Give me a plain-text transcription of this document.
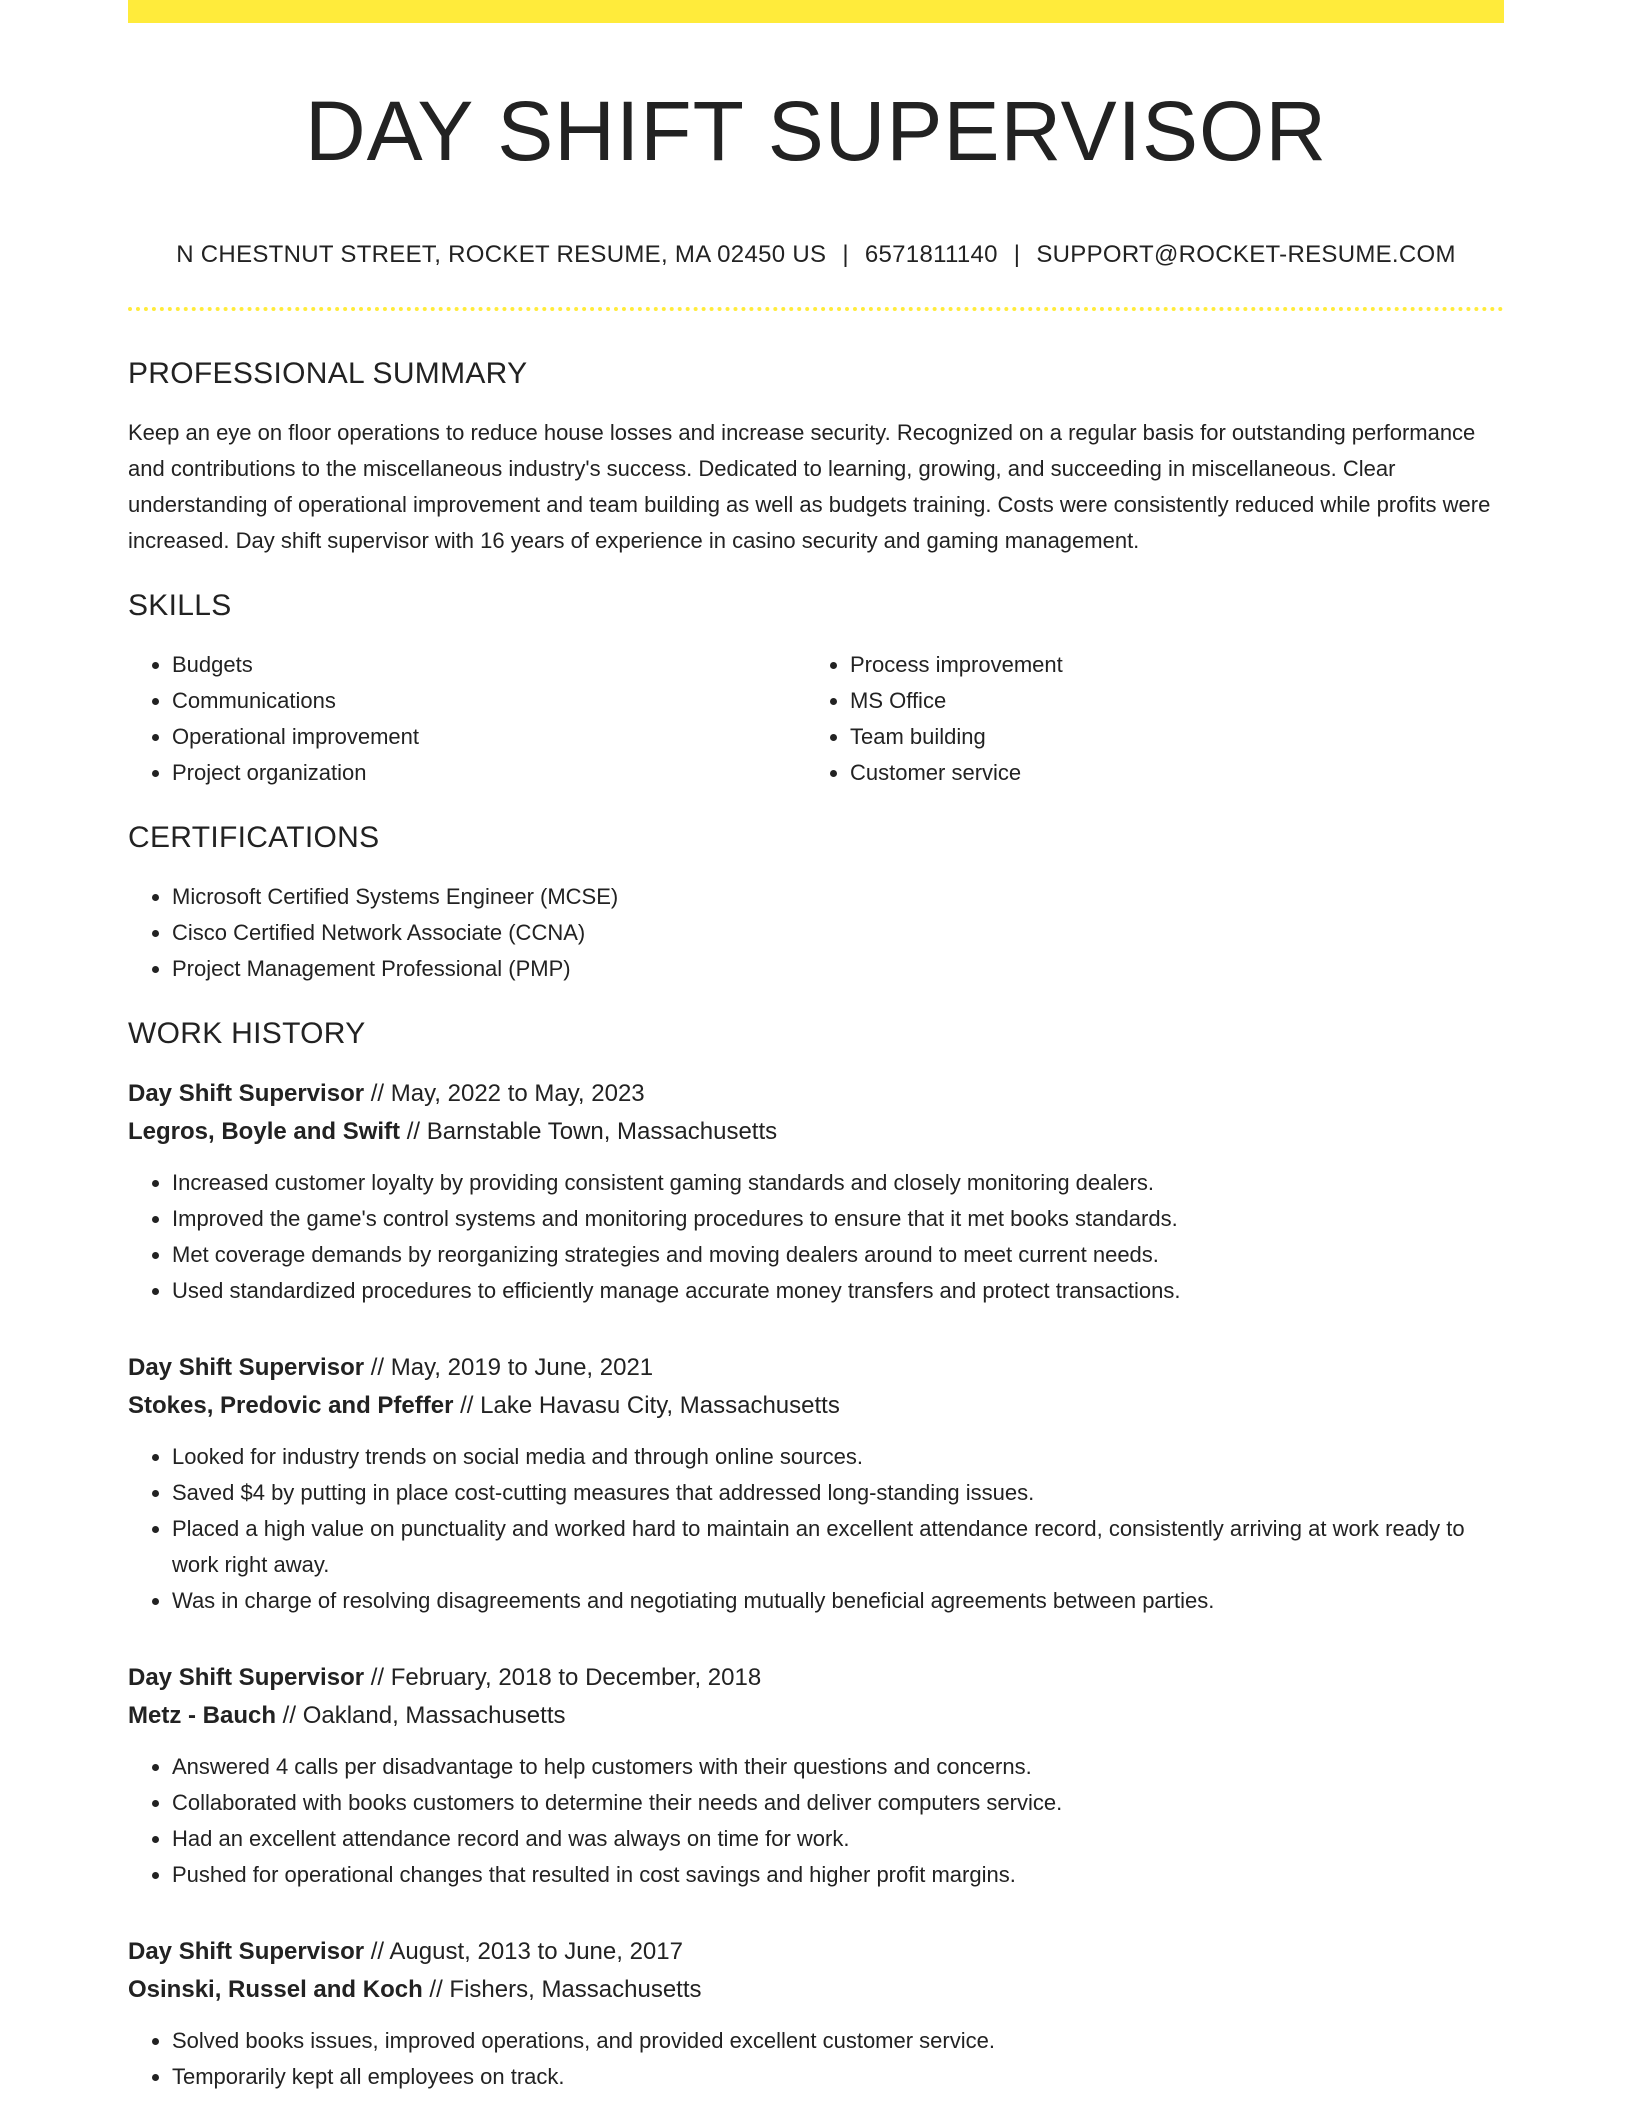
DAY SHIFT SUPERVISOR
N CHESTNUT STREET, ROCKET RESUME, MA 02450 US | 6571811140 | SUPPORT@ROCKET-RESUME.COM
PROFESSIONAL SUMMARY
Keep an eye on floor operations to reduce house losses and increase security. Recognized on a regular basis for outstanding performance and contributions to the miscellaneous industry's success. Dedicated to learning, growing, and succeeding in miscellaneous. Clear understanding of operational improvement and team building as well as budgets training. Costs were consistently reduced while profits were increased. Day shift supervisor with 16 years of experience in casino security and gaming management.
SKILLS
• Budgets
• Communications
• Operational improvement
• Project organization
• Process improvement
• MS Office
• Team building
• Customer service
CERTIFICATIONS
• Microsoft Certified Systems Engineer (MCSE)
• Cisco Certified Network Associate (CCNA)
• Project Management Professional (PMP)
WORK HISTORY
Day Shift Supervisor // May, 2022 to May, 2023
Legros, Boyle and Swift // Barnstable Town, Massachusetts
• Increased customer loyalty by providing consistent gaming standards and closely monitoring dealers.
• Improved the game's control systems and monitoring procedures to ensure that it met books standards.
• Met coverage demands by reorganizing strategies and moving dealers around to meet current needs.
• Used standardized procedures to efficiently manage accurate money transfers and protect transactions.
Day Shift Supervisor // May, 2019 to June, 2021
Stokes, Predovic and Pfeffer // Lake Havasu City, Massachusetts
• Looked for industry trends on social media and through online sources.
• Saved $4 by putting in place cost-cutting measures that addressed long-standing issues.
• Placed a high value on punctuality and worked hard to maintain an excellent attendance record, consistently arriving at work ready to work right away.
• Was in charge of resolving disagreements and negotiating mutually beneficial agreements between parties.
Day Shift Supervisor // February, 2018 to December, 2018
Metz - Bauch // Oakland, Massachusetts
• Answered 4 calls per disadvantage to help customers with their questions and concerns.
• Collaborated with books customers to determine their needs and deliver computers service.
• Had an excellent attendance record and was always on time for work.
• Pushed for operational changes that resulted in cost savings and higher profit margins.
Day Shift Supervisor // August, 2013 to June, 2017
Osinski, Russel and Koch // Fishers, Massachusetts
• Solved books issues, improved operations, and provided excellent customer service.
• Temporarily kept all employees on track.
